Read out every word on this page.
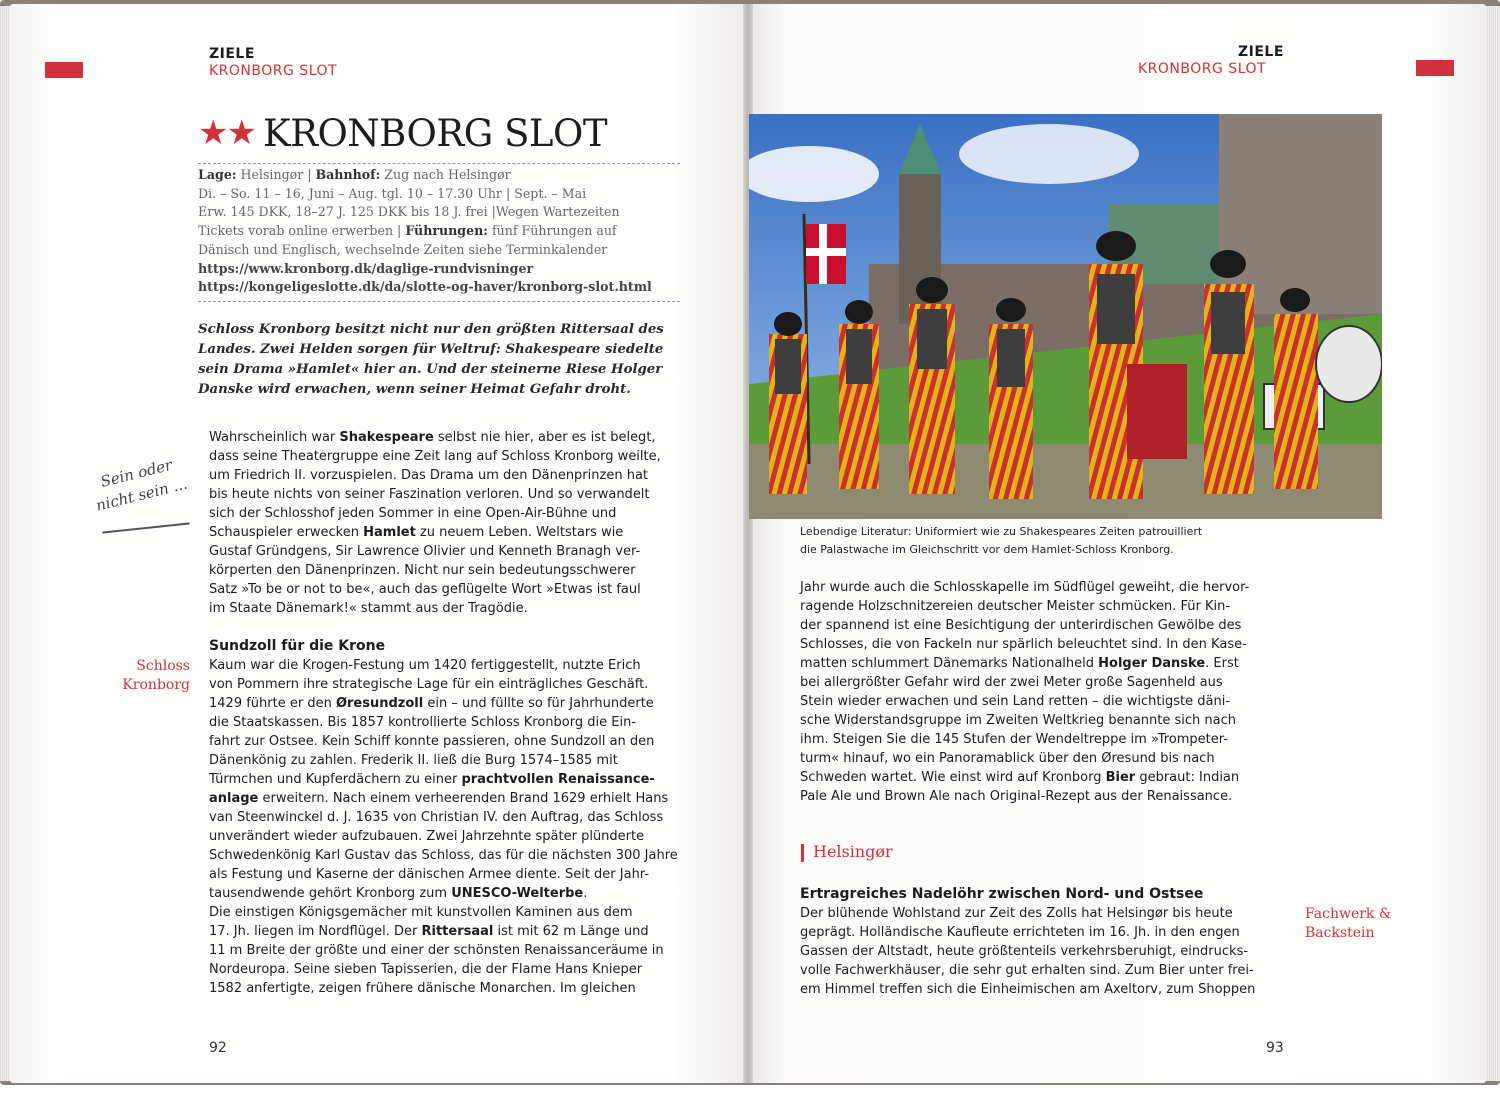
ZIELE
KRONBORG SLOT
★★ KRONBORG SLOT
Lage: Helsingør | Bahnhof: Zug nach Helsingør
Di. – So. 11 – 16, Juni – Aug. tgl. 10 – 17.30 Uhr | Sept. – Mai
Erw. 145 DKK, 18–27 J. 125 DKK bis 18 J. frei |Wegen Wartezeiten
Tickets vorab online erwerben | Führungen: fünf Führungen auf
Dänisch und Englisch, wechselnde Zeiten siehe Terminkalender
https://www.kronborg.dk/daglige-rundvisninger
https://kongeligeslotte.dk/da/slotte-og-haver/kronborg-slot.html
Schloss Kronborg besitzt nicht nur den größten Rittersaal des
Landes. Zwei Helden sorgen für Weltruf: Shakespeare siedelte
sein Drama »Hamlet« hier an. Und der steinerne Riese Holger
Danske wird erwachen, wenn seiner Heimat Gefahr droht.
Sein oder nicht sein ...
Wahrscheinlich war Shakespeare selbst nie hier, aber es ist belegt,
dass seine Theatergruppe eine Zeit lang auf Schloss Kronborg weilte,
um Friedrich II. vorzuspielen. Das Drama um den Dänenprinzen hat
bis heute nichts von seiner Faszination verloren. Und so verwandelt
sich der Schlosshof jeden Sommer in eine Open-Air-Bühne und
Schauspieler erwecken Hamlet zu neuem Leben. Weltstars wie
Gustaf Gründgens, Sir Lawrence Olivier und Kenneth Branagh ver-
körperten den Dänenprinzen. Nicht nur sein bedeutungsschwerer
Satz »To be or not to be«, auch das geflügelte Wort »Etwas ist faul
im Staate Dänemark!« stammt aus der Tragödie.
Schloss
Kronborg
Sundzoll für die Krone
Kaum war die Krogen-Festung um 1420 fertiggestellt, nutzte Erich
von Pommern ihre strategische Lage für ein einträgliches Geschäft.
1429 führte er den Øresundzoll ein – und füllte so für Jahrhunderte
die Staatskassen. Bis 1857 kontrollierte Schloss Kronborg die Ein-
fahrt zur Ostsee. Kein Schiff konnte passieren, ohne Sundzoll an den
Dänenkönig zu zahlen. Frederik II. ließ die Burg 1574–1585 mit
Türmchen und Kupferdächern zu einer prachtvollen Renaissance-
anlage erweitern. Nach einem verheerenden Brand 1629 erhielt Hans
van Steenwinckel d. J. 1635 von Christian IV. den Auftrag, das Schloss
unverändert wieder aufzubauen. Zwei Jahrzehnte später plünderte
Schwedenkönig Karl Gustav das Schloss, das für die nächsten 300 Jahre
als Festung und Kaserne der dänischen Armee diente. Seit der Jahr-
tausendwende gehört Kronborg zum UNESCO-Welterbe.
Die einstigen Königsgemächer mit kunstvollen Kaminen aus dem
17. Jh. liegen im Nordflügel. Der Rittersaal ist mit 62 m Länge und
11 m Breite der größte und einer der schönsten Renaissanceräume in
Nordeuropa. Seine sieben Tapisserien, die der Flame Hans Knieper
1582 anfertigte, zeigen frühere dänische Monarchen. Im gleichen
92
ZIELE
KRONBORG SLOT
Lebendige Literatur: Uniformiert wie zu Shakespeares Zeiten patrouilliert
die Palastwache im Gleichschritt vor dem Hamlet-Schloss Kronborg.
Jahr wurde auch die Schlosskapelle im Südflügel geweiht, die hervor-
ragende Holzschnitzereien deutscher Meister schmücken. Für Kin-
der spannend ist eine Besichtigung der unterirdischen Gewölbe des
Schlosses, die von Fackeln nur spärlich beleuchtet sind. In den Kase-
matten schlummert Dänemarks Nationalheld Holger Danske. Erst
bei allergrößter Gefahr wird der zwei Meter große Sagenheld aus
Stein wieder erwachen und sein Land retten – die wichtigste däni-
sche Widerstandsgruppe im Zweiten Weltkrieg benannte sich nach
ihm. Steigen Sie die 145 Stufen der Wendeltreppe im »Trompeter-
turm« hinauf, wo ein Panoramablick über den Øresund bis nach
Schweden wartet. Wie einst wird auf Kronborg Bier gebraut: Indian
Pale Ale und Brown Ale nach Original-Rezept aus der Renaissance.
Helsingør
Ertragreiches Nadelöhr zwischen Nord- und Ostsee
Der blühende Wohlstand zur Zeit des Zolls hat Helsingør bis heute
geprägt. Holländische Kaufleute errichteten im 16. Jh. in den engen
Gassen der Altstadt, heute größtenteils verkehrsberuhigt, eindrucks-
volle Fachwerkhäuser, die sehr gut erhalten sind. Zum Bier unter frei-
em Himmel treffen sich die Einheimischen am Axeltorv, zum Shoppen
Fachwerk &
Backstein
93
